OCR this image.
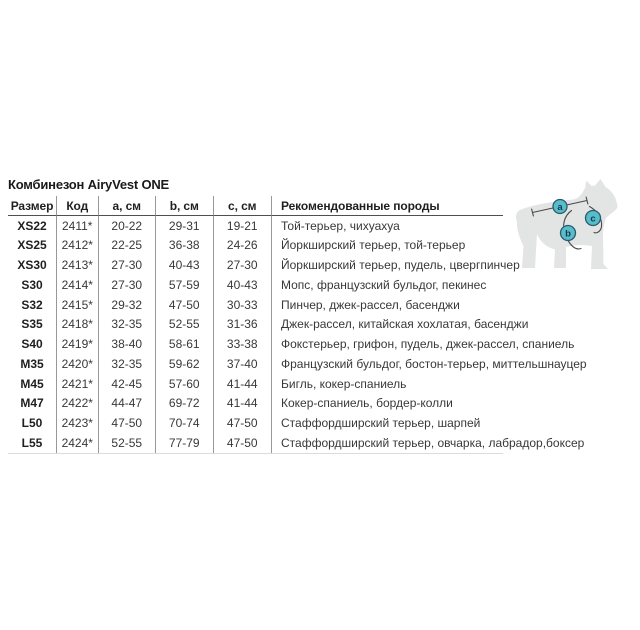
Комбинезон AiryVest ONE
Размер	Код	a, см	b, см	c, см	Рекомендованные породы
XS22	2411*	20-22	29-31	19-21	Той-терьер, чихуахуа
XS25	2412*	22-25	36-38	24-26	Йоркширский терьер, той-терьер
XS30	2413*	27-30	40-43	27-30	Йоркширский терьер, пудель, цвергпинчер
S30	2414*	27-30	57-59	40-43	Мопс, французский бульдог, пекинес
S32	2415*	29-32	47-50	30-33	Пинчер, джек-рассел, басенджи
S35	2418*	32-35	52-55	31-36	Джек-рассел, китайская хохлатая, басенджи
S40	2419*	38-40	58-61	33-38	Фокстерьер, грифон, пудель, джек-рассел, спаниель
M35	2420*	32-35	59-62	37-40	Французский бульдог, бостон-терьер, миттельшнауцер
M45	2421*	42-45	57-60	41-44	Бигль, кокер-спаниель
M47	2422*	44-47	69-72	41-44	Кокер-спаниель, бордер-колли
L50	2423*	47-50	70-74	47-50	Стаффордширский терьер, шарпей
L55	2424*	52-55	77-79	47-50	Стаффордширский терьер, овчарка, лабрадор,боксер
a
b
c
